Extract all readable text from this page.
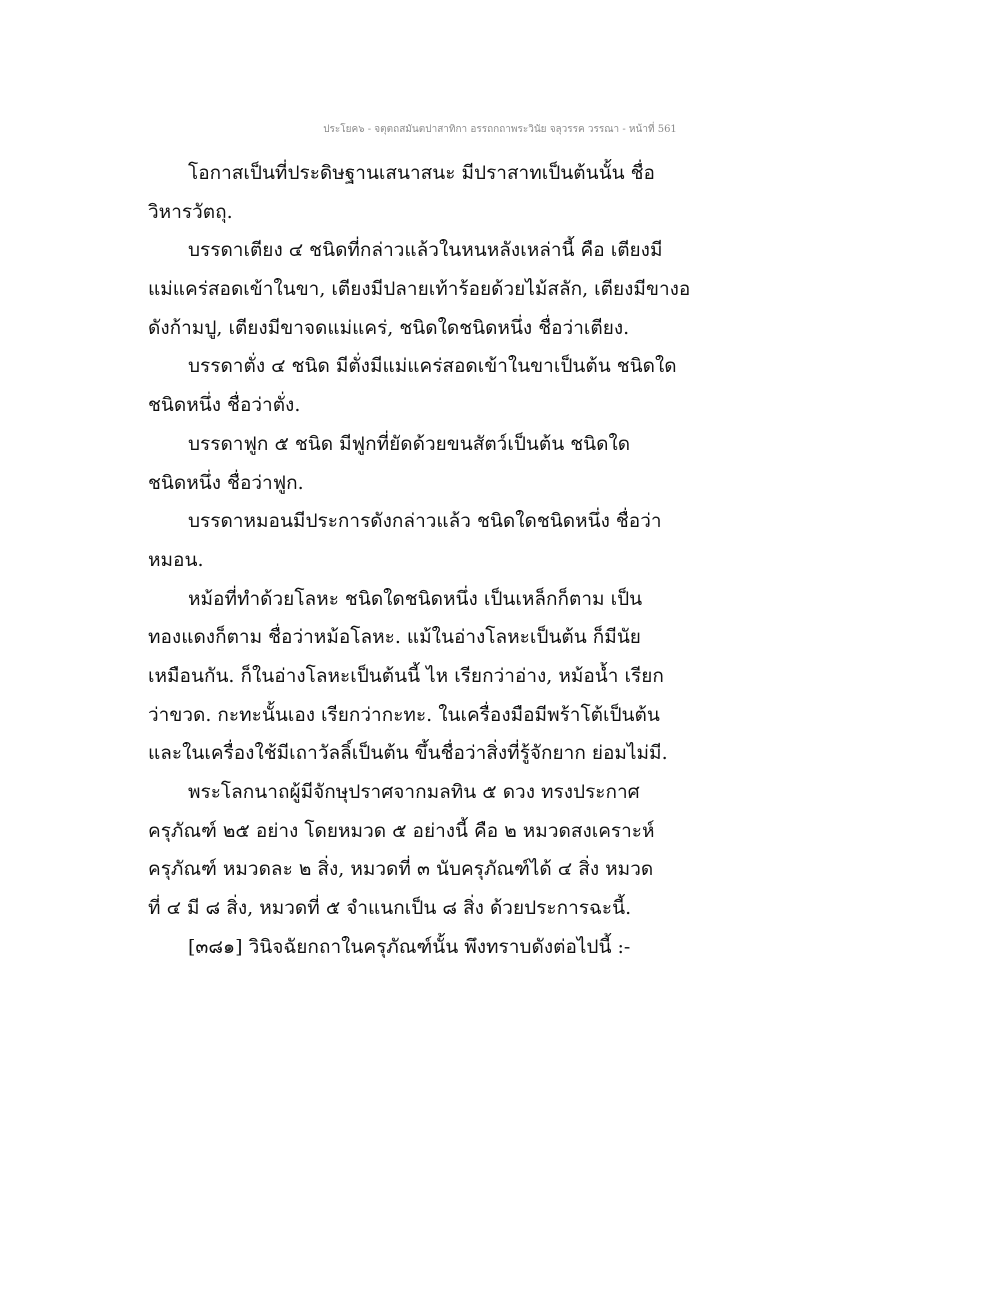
ประโยค๖ - จตุตถสมันตปาสาทิกา อรรถกถาพระวินัย จลุวรรค วรรณา - หน้าที่ 561
โอกาสเป็นที่ประดิษฐานเสนาสนะ มีปราสาทเป็นต้นนั้น ชื่อ
วิหารวัตถุ.
บรรดาเตียง ๔ ชนิดที่กล่าวแล้วในหนหลังเหล่านี้ คือ เตียงมี
แม่แคร่สอดเข้าในขา, เตียงมีปลายเท้าร้อยด้วยไม้สลัก, เตียงมีขางอ
ดังก้ามปู, เตียงมีขาจดแม่แคร่, ชนิดใดชนิดหนึ่ง ชื่อว่าเตียง.
บรรดาตั่ง ๔ ชนิด มีตั่งมีแม่แคร่สอดเข้าในขาเป็นต้น ชนิดใด
ชนิดหนึ่ง ชื่อว่าตั่ง.
บรรดาฟูก ๕ ชนิด มีฟูกที่ยัดด้วยขนสัตว์เป็นต้น ชนิดใด
ชนิดหนึ่ง ชื่อว่าฟูก.
บรรดาหมอนมีประการดังกล่าวแล้ว ชนิดใดชนิดหนึ่ง ชื่อว่า
หมอน.
หม้อที่ทำด้วยโลหะ ชนิดใดชนิดหนึ่ง เป็นเหล็กก็ตาม เป็น
ทองแดงก็ตาม ชื่อว่าหม้อโลหะ. แม้ในอ่างโลหะเป็นต้น ก็มีนัย
เหมือนกัน. ก็ในอ่างโลหะเป็นต้นนี้ ไห เรียกว่าอ่าง, หม้อน้ำ เรียก
ว่าขวด. กะทะนั้นเอง เรียกว่ากะทะ. ในเครื่องมือมีพร้าโต้เป็นต้น
และในเครื่องใช้มีเถาวัลลิ์เป็นต้น ขึ้นชื่อว่าสิ่งที่รู้จักยาก ย่อมไม่มี.
พระโลกนาถผู้มีจักษุปราศจากมลทิน ๕ ดวง ทรงประกาศ
ครุภัณฑ์ ๒๕ อย่าง โดยหมวด ๕ อย่างนี้ คือ ๒ หมวดสงเคราะห์
ครุภัณฑ์ หมวดละ ๒ สิ่ง, หมวดที่ ๓ นับครุภัณฑ์ได้ ๔ สิ่ง หมวด
ที่ ๔ มี ๘ สิ่ง, หมวดที่ ๕ จำแนกเป็น ๘ สิ่ง ด้วยประการฉะนี้.
[๓๘๑] วินิจฉัยกถาในครุภัณฑ์นั้น พึงทราบดังต่อไปนี้ :-
